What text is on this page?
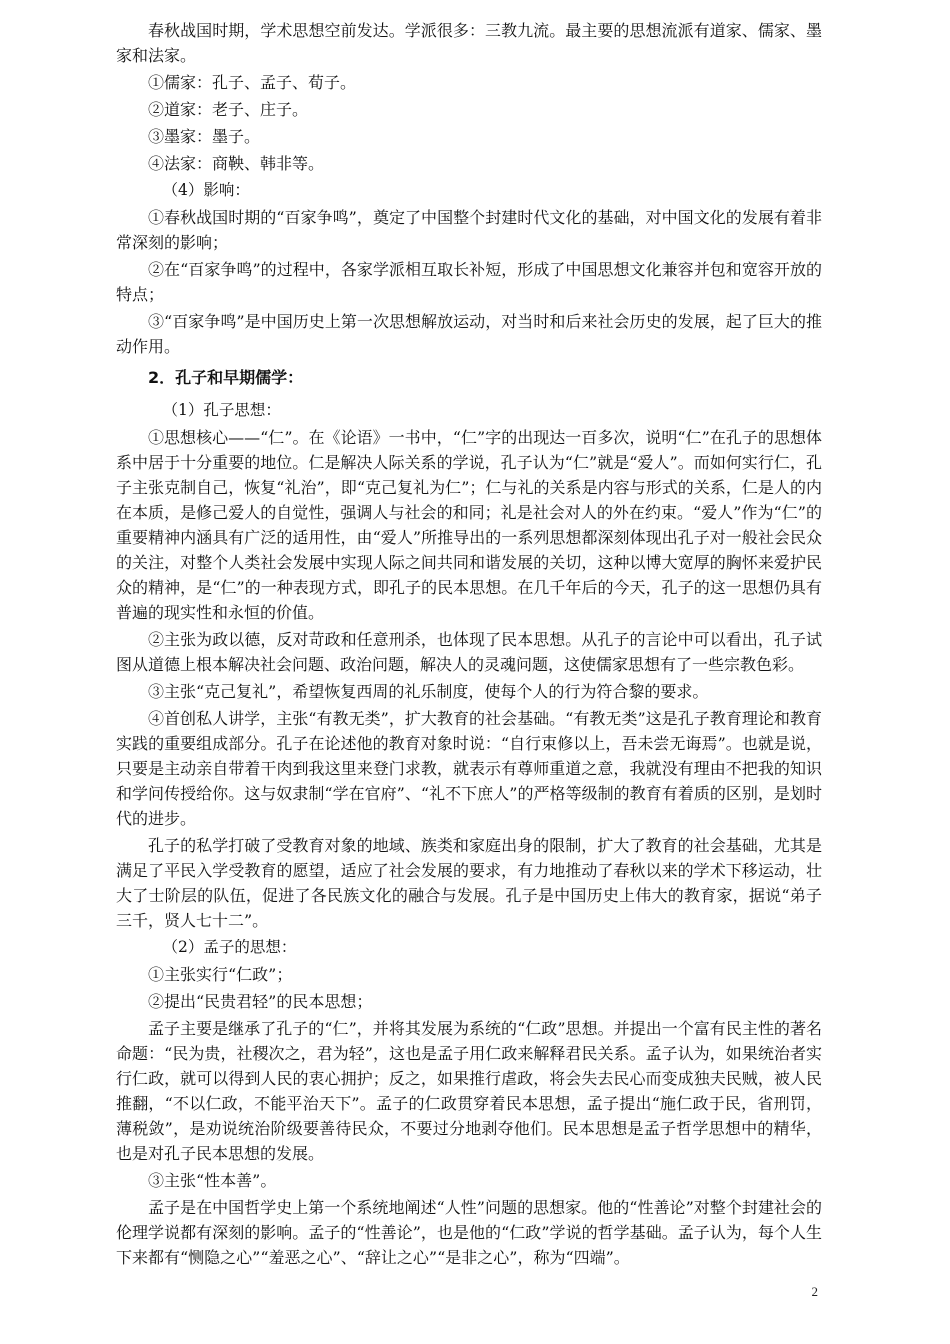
春秋战国时期，学术思想空前发达。学派很多：三教九流。最主要的思想流派有道家、儒家、墨家和法家。

①儒家：孔子、孟子、荀子。

②道家：老子、庄子。

③墨家：墨子。

④法家：商鞅、韩非等。

（4）影响：

①春秋战国时期的“百家争鸣”，奠定了中国整个封建时代文化的基础，对中国文化的发展有着非常深刻的影响；

②在“百家争鸣”的过程中，各家学派相互取长补短，形成了中国思想文化兼容并包和宽容开放的特点；

③“百家争鸣”是中国历史上第一次思想解放运动，对当时和后来社会历史的发展，起了巨大的推动作用。

2．孔子和早期儒学：

（1）孔子思想：

①思想核心——“仁”。在《论语》一书中，“仁”字的出现达一百多次，说明“仁”在孔子的思想体系中居于十分重要的地位。仁是解决人际关系的学说，孔子认为“仁”就是“爱人”。而如何实行仁，孔子主张克制自己，恢复“礼治”，即“克己复礼为仁”；仁与礼的关系是内容与形式的关系，仁是人的内在本质，是修己爱人的自觉性，强调人与社会的和同；礼是社会对人的外在约束。“爱人”作为“仁”的重要精神内涵具有广泛的适用性，由“爱人”所推导出的一系列思想都深刻体现出孔子对一般社会民众的关注，对整个人类社会发展中实现人际之间共同和谐发展的关切，这种以博大宽厚的胸怀来爱护民众的精神，是“仁”的一种表现方式，即孔子的民本思想。在几千年后的今天，孔子的这一思想仍具有普遍的现实性和永恒的价值。

②主张为政以德，反对苛政和任意刑杀，也体现了民本思想。从孔子的言论中可以看出，孔子试图从道德上根本解决社会问题、政治问题，解决人的灵魂问题，这使儒家思想有了一些宗教色彩。

③主张“克己复礼”，希望恢复西周的礼乐制度，使每个人的行为符合黎的要求。

④首创私人讲学，主张“有教无类”，扩大教育的社会基础。“有教无类”这是孔子教育理论和教育实践的重要组成部分。孔子在论述他的教育对象时说：“自行束修以上，吾未尝无诲焉”。也就是说，只要是主动亲自带着干肉到我这里来登门求教，就表示有尊师重道之意，我就没有理由不把我的知识和学问传授给你。这与奴隶制“学在官府”、“礼不下庶人”的严格等级制的教育有着质的区别，是划时代的进步。

孔子的私学打破了受教育对象的地域、族类和家庭出身的限制，扩大了教育的社会基础，尤其是满足了平民入学受教育的愿望，适应了社会发展的要求，有力地推动了春秋以来的学术下移运动，壮大了士阶层的队伍，促进了各民族文化的融合与发展。孔子是中国历史上伟大的教育家，据说“弟子三千，贤人七十二”。

（2）孟子的思想：

①主张实行“仁政”；

②提出“民贵君轻”的民本思想；

孟子主要是继承了孔子的“仁”，并将其发展为系统的“仁政”思想。并提出一个富有民主性的著名命题：“民为贵，社稷次之，君为轻”，这也是孟子用仁政来解释君民关系。孟子认为，如果统治者实行仁政，就可以得到人民的衷心拥护；反之，如果推行虐政，将会失去民心而变成独夫民贼，被人民推翻，“不以仁政，不能平治天下”。孟子的仁政贯穿着民本思想，孟子提出“施仁政于民，省刑罚，薄税敛”，是劝说统治阶级要善待民众，不要过分地剥夺他们。民本思想是孟子哲学思想中的精华，也是对孔子民本思想的发展。

③主张“性本善”。

孟子是在中国哲学史上第一个系统地阐述“人性”问题的思想家。他的“性善论”对整个封建社会的伦理学说都有深刻的影响。孟子的“性善论”，也是他的“仁政”学说的哲学基础。孟子认为，每个人生下来都有“恻隐之心”“羞恶之心”、“辞让之心”“是非之心”，称为“四端”。

2
